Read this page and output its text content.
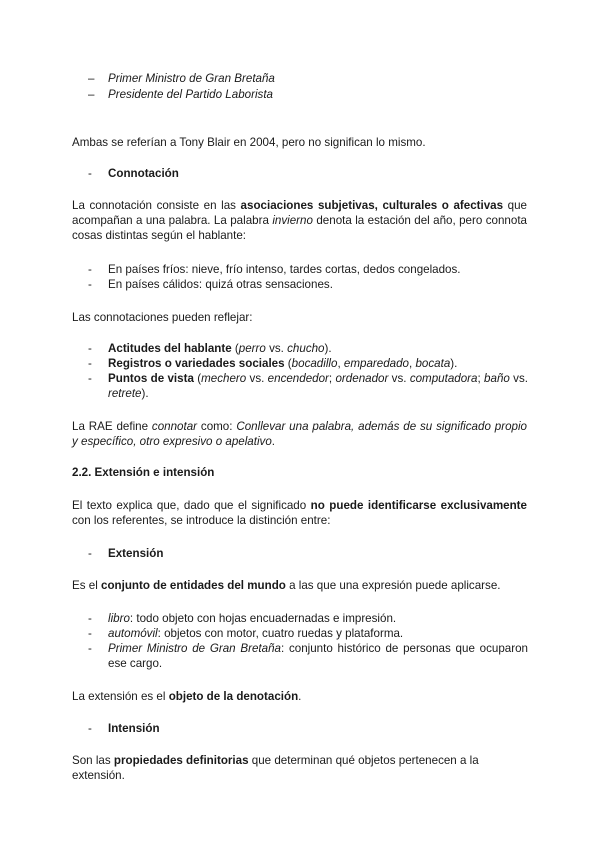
–	Primer Ministro de Gran Bretaña
–	Presidente del Partido Laborista

Ambas se referían a Tony Blair en 2004, pero no significan lo mismo.

-	Connotación

La connotación consiste en las asociaciones subjetivas, culturales o afectivas que acompañan a una palabra. La palabra invierno denota la estación del año, pero connota cosas distintas según el hablante:

-	En países fríos: nieve, frío intenso, tardes cortas, dedos congelados.
-	En países cálidos: quizá otras sensaciones.

Las connotaciones pueden reflejar:

-	Actitudes del hablante (perro vs. chucho).
-	Registros o variedades sociales (bocadillo, emparedado, bocata).
-	Puntos de vista (mechero vs. encendedor; ordenador vs. computadora; baño vs. retrete).

La RAE define connotar como: Conllevar una palabra, además de su significado propio y específico, otro expresivo o apelativo.

2.2. Extensión e intensión

El texto explica que, dado que el significado no puede identificarse exclusivamente con los referentes, se introduce la distinción entre:

-	Extensión

Es el conjunto de entidades del mundo a las que una expresión puede aplicarse.

-	libro: todo objeto con hojas encuadernadas e impresión.
-	automóvil: objetos con motor, cuatro ruedas y plataforma.
-	Primer Ministro de Gran Bretaña: conjunto histórico de personas que ocuparon ese cargo.

La extensión es el objeto de la denotación.

-	Intensión

Son las propiedades definitorias que determinan qué objetos pertenecen a la extensión.
